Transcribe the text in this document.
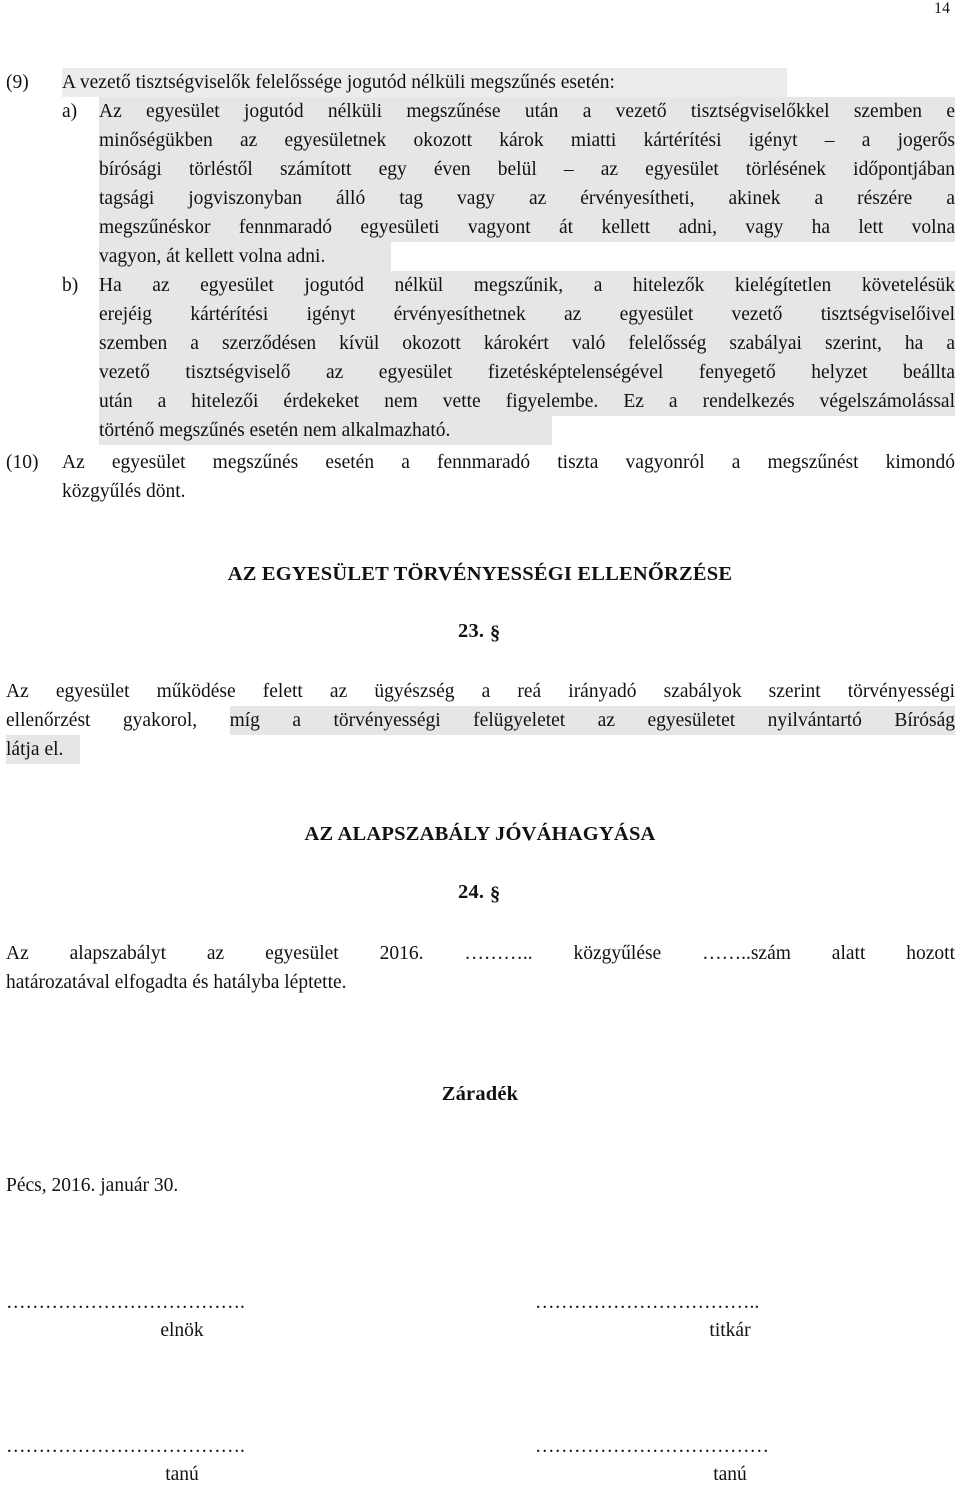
14
(9) A vezető tisztségviselők felelőssége jogutód nélküli megszűnés esetén:
a) Az egyesület jogutód nélküli megszűnése után a vezető tisztségviselőkkel szemben e
minőségükben az egyesületnek okozott károk miatti kártérítési igényt – a jogerős
bírósági törléstől számított egy éven belül – az egyesület törlésének időpontjában
tagsági jogviszonyban álló tag vagy az érvényesítheti, akinek a részére a
megszűnéskor fennmaradó egyesületi vagyont át kellett adni, vagy ha lett volna
vagyon, át kellett volna adni.
b) Ha az egyesület jogutód nélkül megszűnik, a hitelezők kielégítetlen követelésük
erejéig kártérítési igényt érvényesíthetnek az egyesület vezető tisztségviselőivel
szemben a szerződésen kívül okozott károkért való felelősség szabályai szerint, ha a
vezető tisztségviselő az egyesület fizetésképtelenségével fenyegető helyzet beállta
után a hitelezői érdekeket nem vette figyelembe. Ez a rendelkezés végelszámolással
történő megszűnés esetén nem alkalmazható.
(10) Az egyesület megszűnés esetén a fennmaradó tiszta vagyonról a megszűnést kimondó
közgyűlés dönt.
AZ EGYESÜLET TÖRVÉNYESSÉGI ELLENŐRZÉSE
23. §
Az egyesület működése felett az ügyészség a reá irányadó szabályok szerint törvényességi
ellenőrzést gyakorol, míg a törvényességi felügyeletet az egyesületet nyilvántartó Bíróság
látja el.
AZ ALAPSZABÁLY JÓVÁHAGYÁSA
24. §
Az alapszabályt az egyesület 2016. ……….. közgyűlése ……..szám alatt hozott
határozatával elfogadta és hatályba léptette.
Záradék
Pécs, 2016. január 30.
……………………………….
elnök
……………………………..
titkár
……………………………….
tanú
………………………………
tanú
